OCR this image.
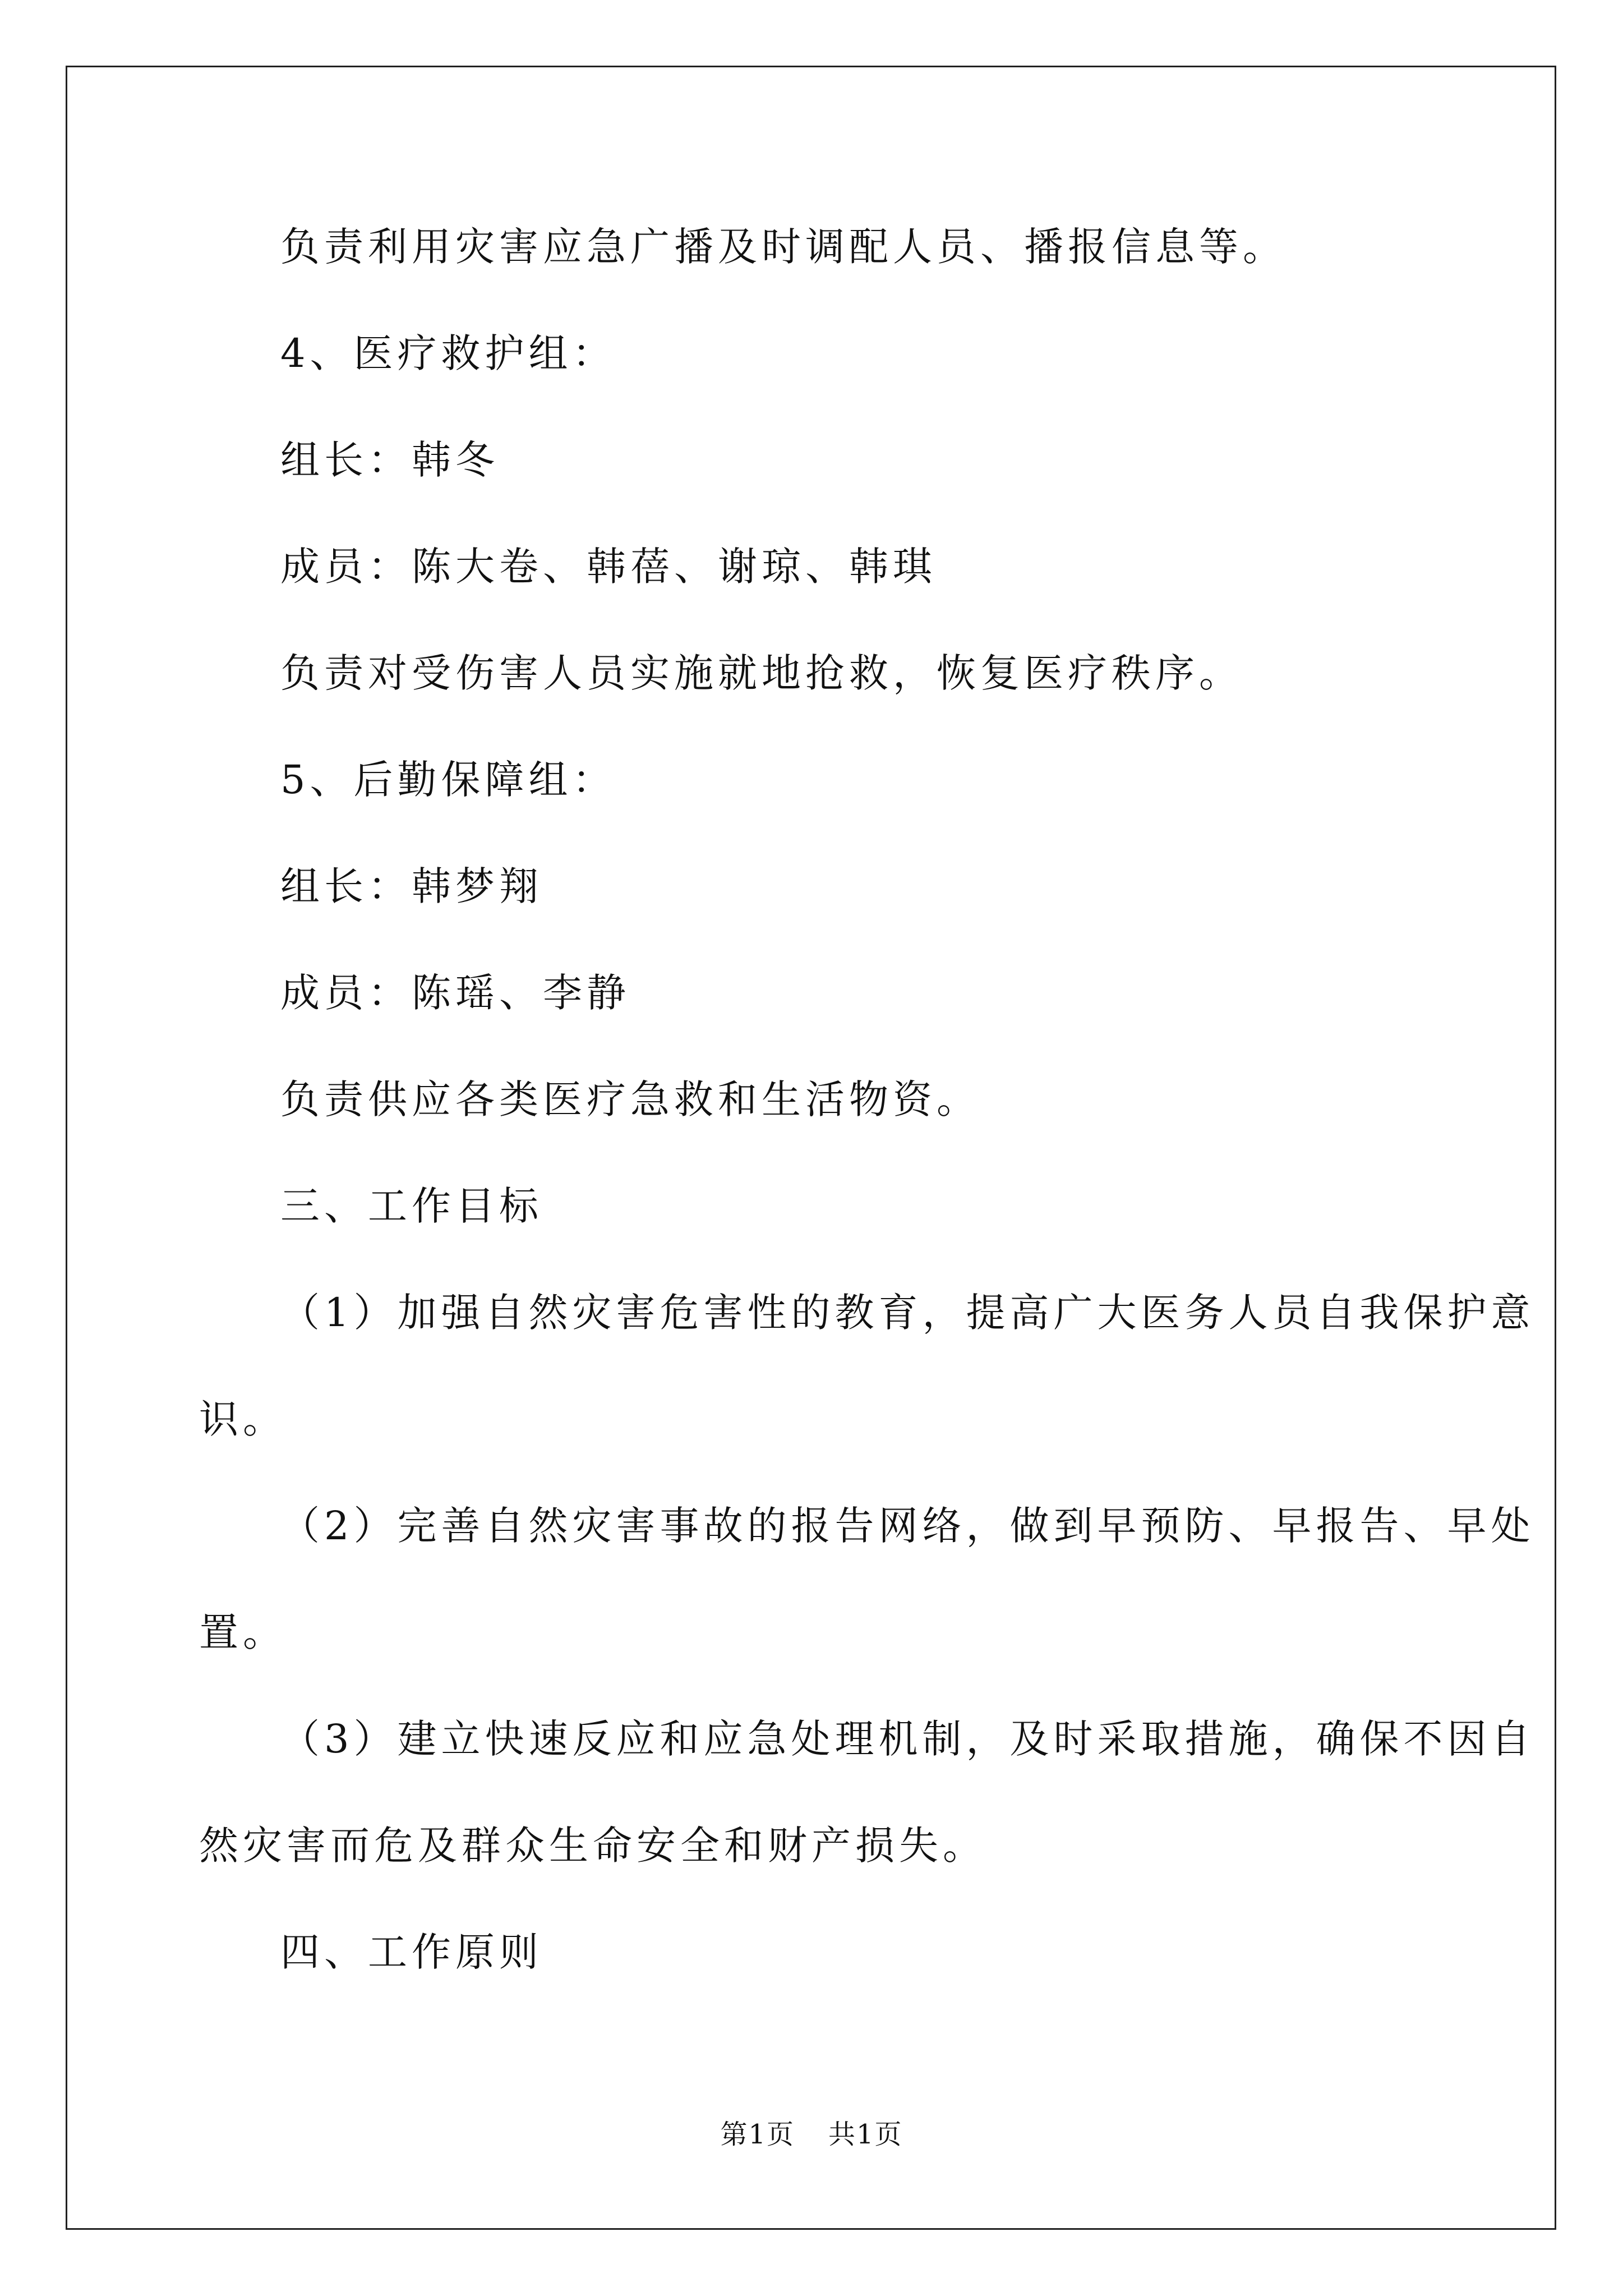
负责利用灾害应急广播及时调配人员、播报信息等。

4、医疗救护组：

组长：韩冬

成员：陈大卷、韩蓓、谢琼、韩琪

负责对受伤害人员实施就地抢救，恢复医疗秩序。

5、后勤保障组：

组长：韩梦翔

成员：陈瑶、李静

负责供应各类医疗急救和生活物资。

三、工作目标

（1）加强自然灾害危害性的教育，提高广大医务人员自我保护意

识。

（2）完善自然灾害事故的报告网络，做到早预防、早报告、早处

置。

（3）建立快速反应和应急处理机制，及时采取措施，确保不因自

然灾害而危及群众生命安全和财产损失。

四、工作原则

第1页 共1页
